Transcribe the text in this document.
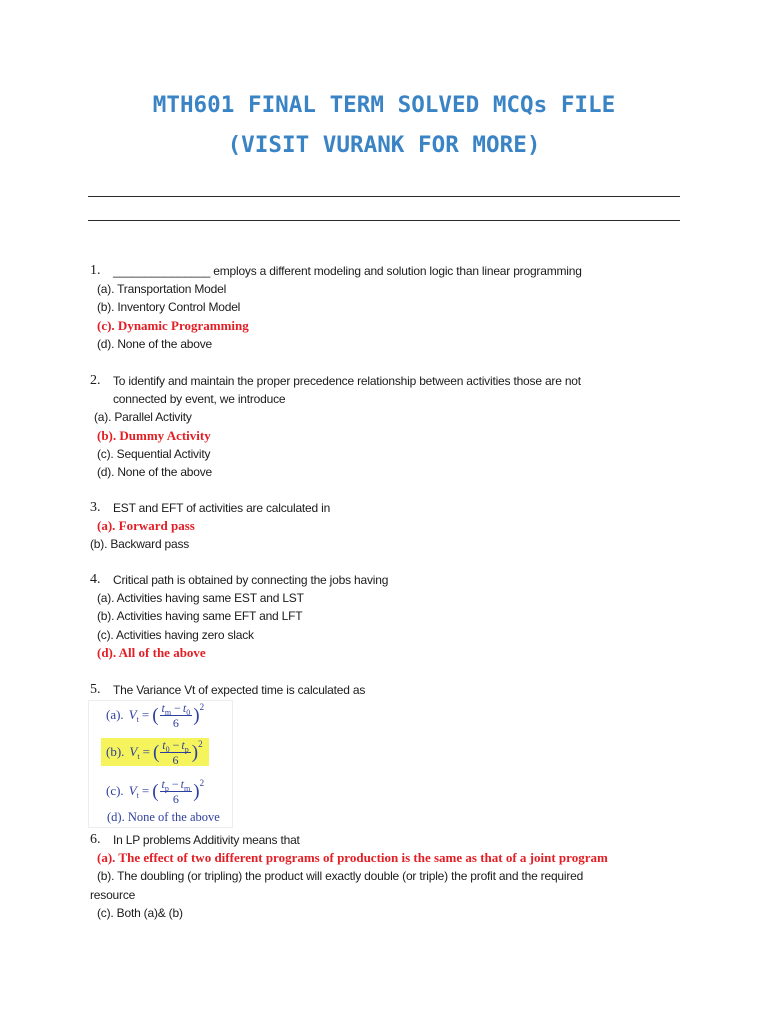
MTH601 FINAL TERM SOLVED MCQs FILE
(VISIT VURANK FOR MORE)
1. _______________ employs a different modeling and solution logic than linear programming
(a). Transportation Model
(b). Inventory Control Model
(c). Dynamic Programming
(d). None of the above
2. To identify and maintain the proper precedence relationship between activities those are not
connected by event, we introduce
(a). Parallel Activity
(b). Dummy Activity
(c). Sequential Activity
(d). None of the above
3. EST and EFT of activities are calculated in
(a). Forward pass
(b). Backward pass
4. Critical path is obtained by connecting the jobs having
(a). Activities having same EST and LST
(b). Activities having same EFT and LFT
(c). Activities having zero slack
(d). All of the above
5. The Variance Vt of expected time is calculated as
(a). $V_t$ = ( $\frac{t_m - t_0}{6}$ ) 2
(b). $V_t$ = ( $\frac{t_0 - t_p}{6}$ ) 2
(c). $V_t$ = ( $\frac{t_p - t_m}{6}$ ) 2
(d). None of the above
6. In LP problems Additivity means that
(a). The effect of two different programs of production is the same as that of a joint program
(b). The doubling (or tripling) the product will exactly double (or triple) the profit and the required
resource
(c). Both (a)& (b)
